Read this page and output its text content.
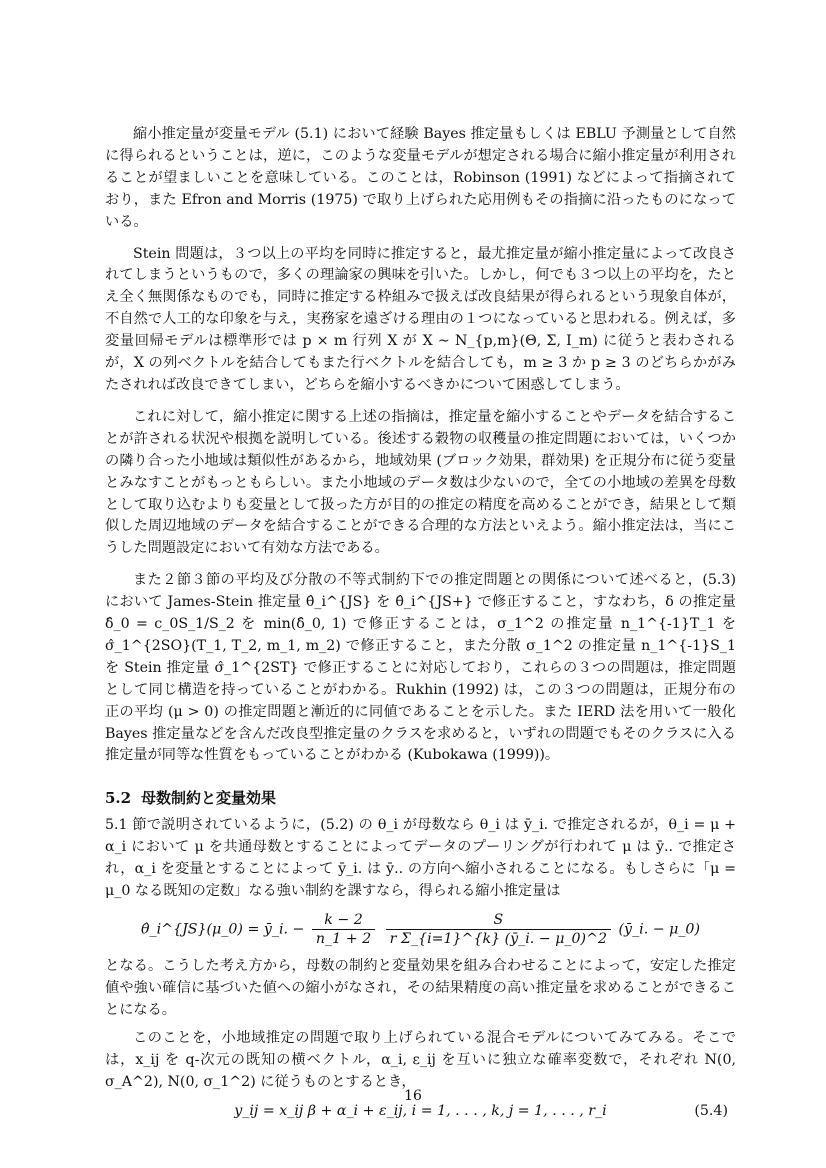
縮小推定量が変量モデル (5.1) において経験 Bayes 推定量もしくは EBLU 予測量として自然に得られるということは，逆に，このような変量モデルが想定される場合に縮小推定量が利用されることが望ましいことを意味している。このことは，Robinson (1991) などによって指摘されており，また Efron and Morris (1975) で取り上げられた応用例もその指摘に沿ったものになっている。

Stein 問題は，３つ以上の平均を同時に推定すると，最尤推定量が縮小推定量によって改良されてしまうというもので，多くの理論家の興味を引いた。しかし，何でも３つ以上の平均を，たとえ全く無関係なものでも，同時に推定する枠組みで扱えば改良結果が得られるという現象自体が，不自然で人工的な印象を与え，実務家を遠ざける理由の１つになっていると思われる。例えば，多変量回帰モデルは標準形では p × m 行列 X が X ∼ N_{p,m}(Θ, Σ, I_m) に従うと表わされるが，X の列ベクトルを結合してもまた行ベクトルを結合しても，m ≥ 3 か p ≥ 3 のどちらかがみたされれば改良できてしまい，どちらを縮小するべきかについて困惑してしまう。

これに対して，縮小推定に関する上述の指摘は，推定量を縮小することやデータを結合することが許される状況や根拠を説明している。後述する穀物の収穫量の推定問題においては，いくつかの隣り合った小地域は類似性があるから，地域効果 (ブロック効果，群効果) を正規分布に従う変量とみなすことがもっともらしい。また小地域のデータ数は少ないので，全ての小地域の差異を母数として取り込むよりも変量として扱った方が目的の推定の精度を高めることができ，結果として類似した周辺地域のデータを結合することができる合理的な方法といえよう。縮小推定法は，当にこうした問題設定において有効な方法である。

また２節３節の平均及び分散の不等式制約下での推定問題との関係について述べると，(5.3) において James-Stein 推定量 θ̂_i^{JS} を θ̂_i^{JS+} で修正すること，すなわち，δ の推定量 δ̂_0 = c_0S_1/S_2 を min(δ̂_0, 1) で修正することは，σ_1^2 の推定量 n_1^{-1}T_1 を σ̂_1^{2SO}(T_1, T_2, m_1, m_2) で修正すること，また分散 σ_1^2 の推定量 n_1^{-1}S_1 を Stein 推定量 σ̂_1^{2ST} で修正することに対応しており，これらの３つの問題は，推定問題として同じ構造を持っていることがわかる。Rukhin (1992) は，この３つの問題は，正規分布の正の平均 (μ > 0) の推定問題と漸近的に同値であることを示した。また IERD 法を用いて一般化 Bayes 推定量などを含んだ改良型推定量のクラスを求めると，いずれの問題でもそのクラスに入る推定量が同等な性質をもっていることがわかる (Kubokawa (1999))。

5.2 母数制約と変量効果

5.1 節で説明されているように，(5.2) の θ_i が母数なら θ_i は ȳ_i. で推定されるが，θ_i = μ + α_i において μ を共通母数とすることによってデータのプーリングが行われて μ は ȳ.. で推定され，α_i を変量とすることによって ȳ_i. は ȳ.. の方向へ縮小されることになる。もしさらに「μ = μ_0 なる既知の定数」なる強い制約を課すなら，得られる縮小推定量は

θ̂_i^{JS}(μ_0) = ȳ_i. − $\frac{k - 2}{n\_1 + 2}$
$\frac{S}{\text{r Σ\_\{i=1\}\textasciicircum{}\{k\} (ȳ\_i. − μ\_0)\textasciicircum{}2}}$ (ȳ_i. − μ_0)

となる。こうした考え方から，母数の制約と変量効果を組み合わせることによって，安定した推定値や強い確信に基づいた値への縮小がなされ，その結果精度の高い推定量を求めることができることになる。

このことを，小地域推定の問題で取り上げられている混合モデルについてみてみる。そこでは，x_ij を q-次元の既知の横ベクトル，α_i, ε_ij を互いに独立な確率変数で，それぞれ N(0, σ_A^2), N(0, σ_1^2) に従うものとするとき，

y_ij = x_ij β + α_i + ε_ij, i = 1, . . . , k, j = 1, . . . , r_i	(5.4)
16
